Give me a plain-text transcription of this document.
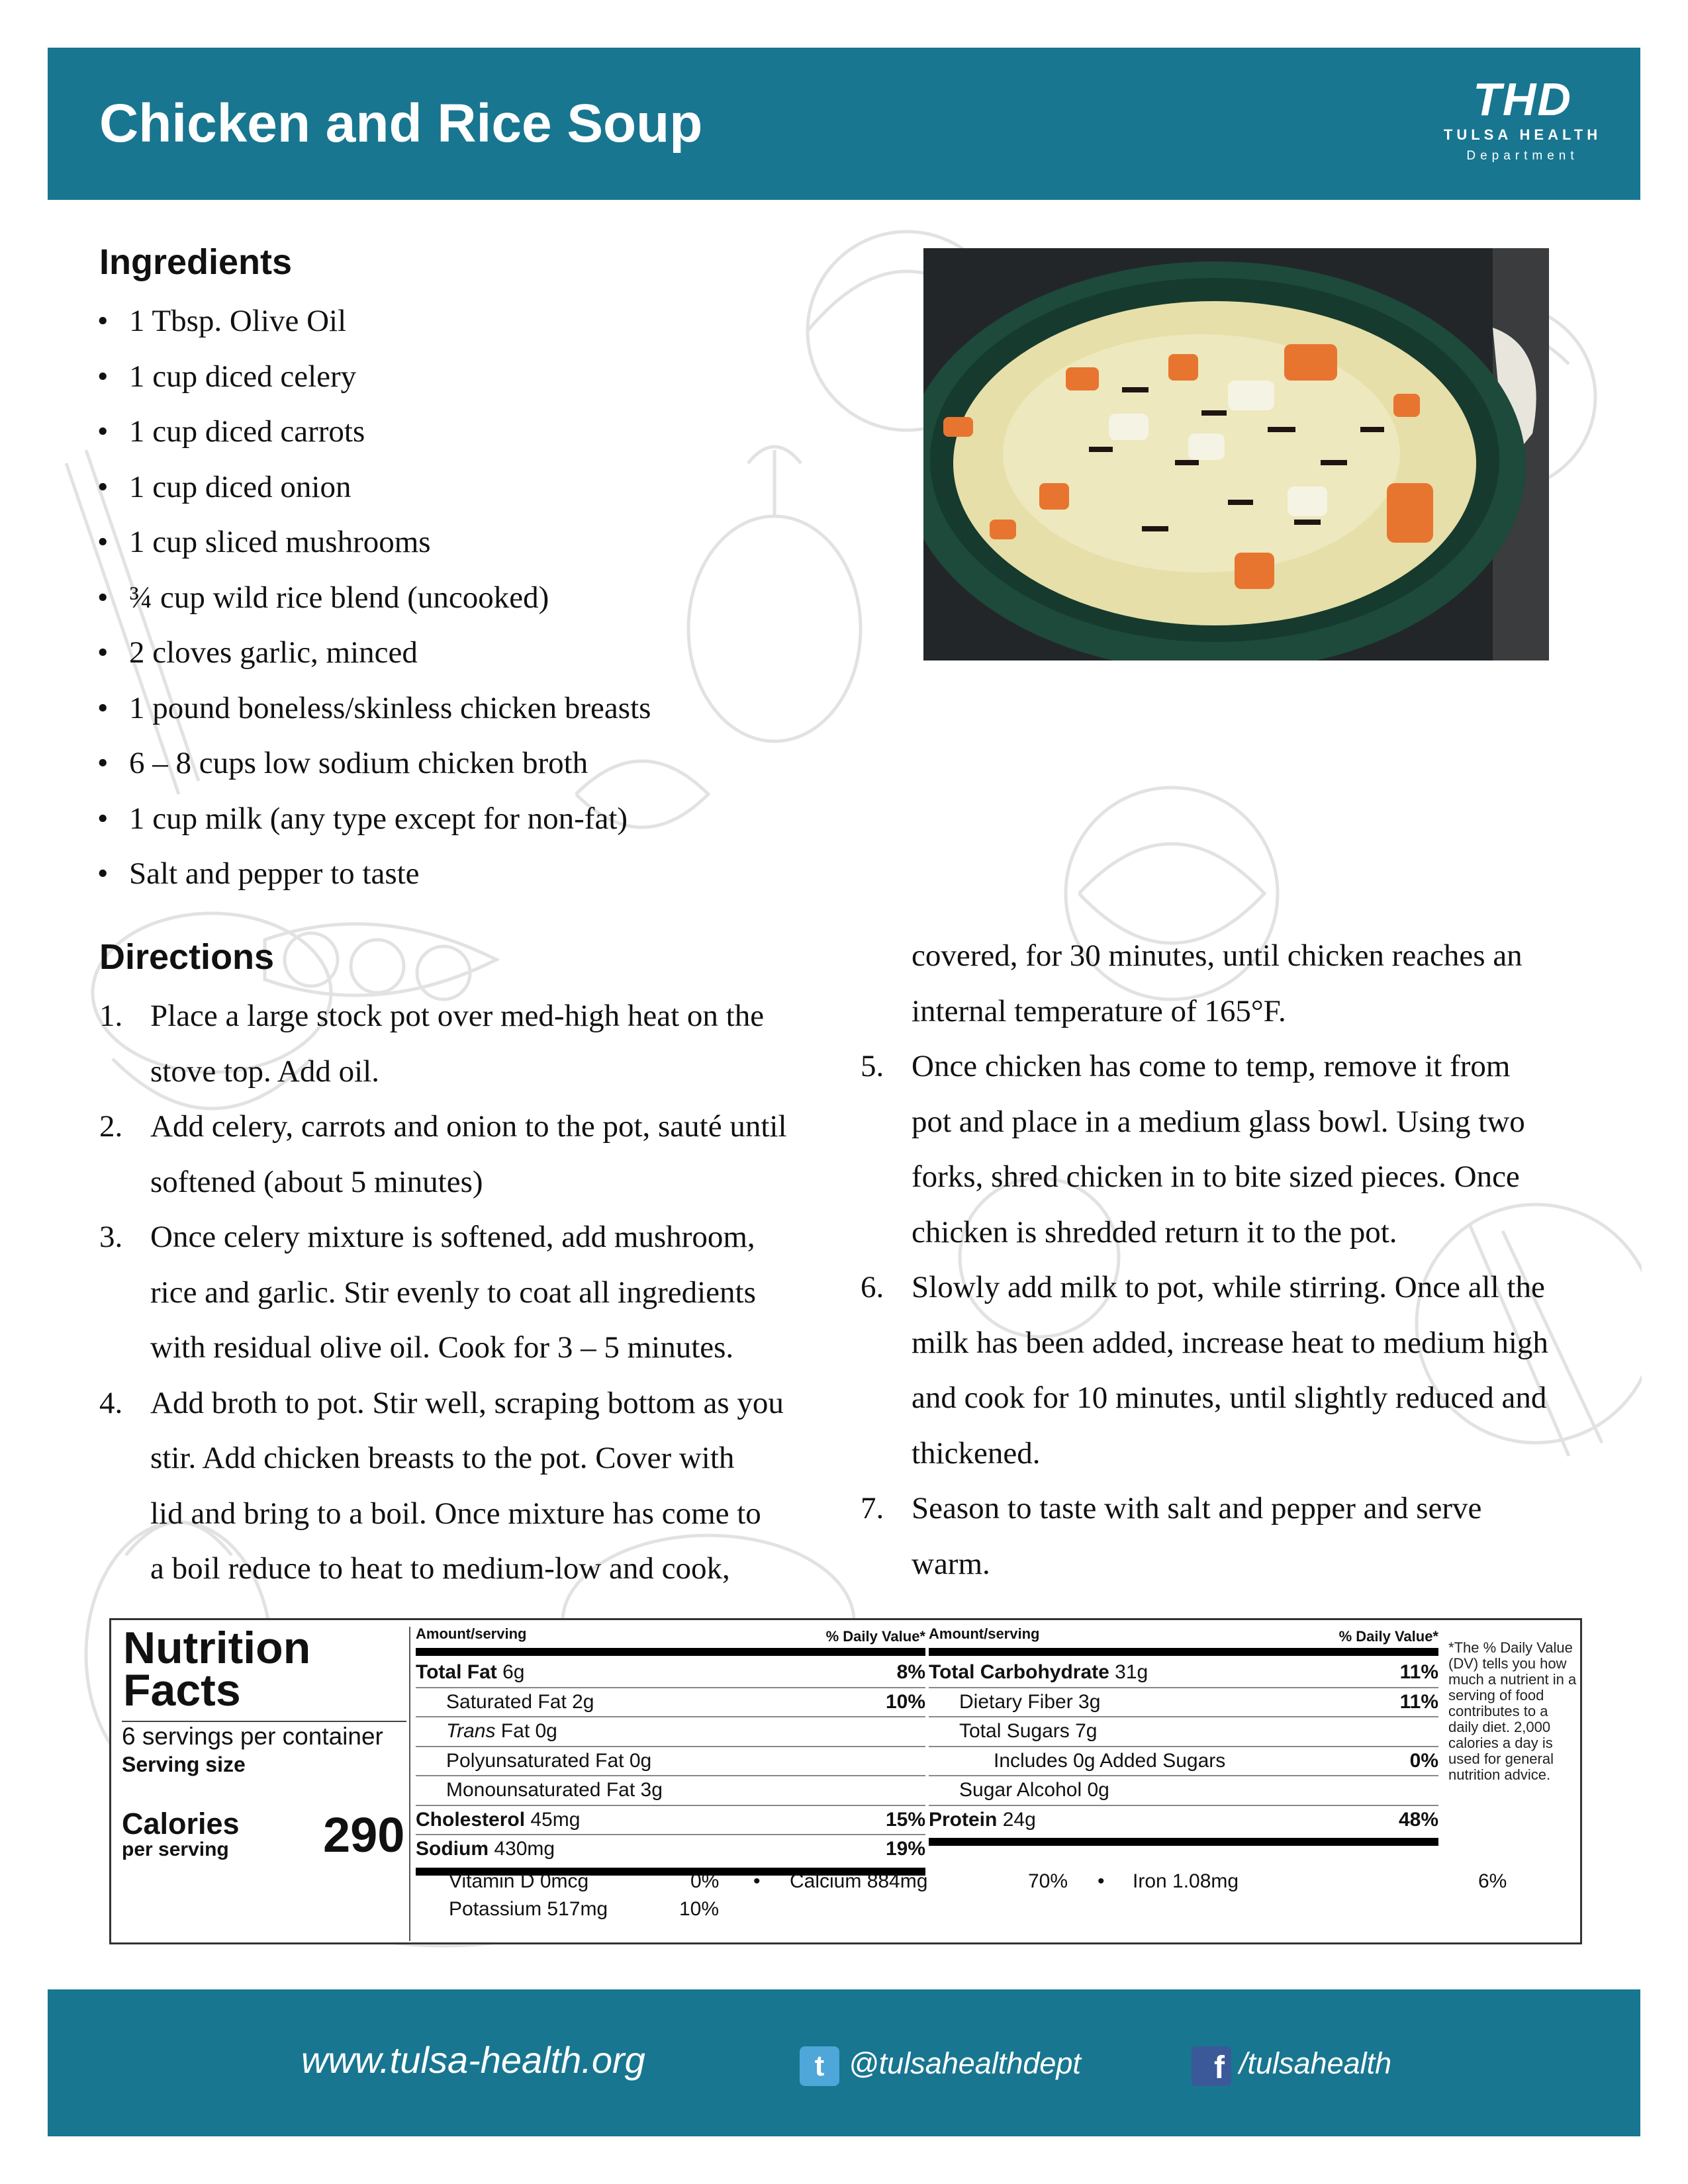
Chicken and Rice Soup	THD
TULSA HEALTH
Department
Ingredients
• 1 Tbsp. Olive Oil
• 1 cup diced celery
• 1 cup diced carrots
• 1 cup diced onion
• 1 cup sliced mushrooms
• ¾ cup wild rice blend (uncooked)
• 2 cloves garlic, minced
• 1 pound boneless/skinless chicken breasts
• 6 – 8 cups low sodium chicken broth
• 1 cup milk (any type except for non-fat)
• Salt and pepper to taste
Directions
1. Place a large stock pot over med-high heat on the
stove top. Add oil.
2. Add celery, carrots and onion to the pot, sauté until
softened (about 5 minutes)
3. Once celery mixture is softened, add mushroom,
rice and garlic. Stir evenly to coat all ingredients
with residual olive oil. Cook for 3 – 5 minutes.
4. Add broth to pot. Stir well, scraping bottom as you
stir. Add chicken breasts to the pot. Cover with
lid and bring to a boil. Once mixture has come to
a boil reduce to heat to medium-low and cook,
covered, for 30 minutes, until chicken reaches an
internal temperature of 165°F.
5. Once chicken has come to temp, remove it from
pot and place in a medium glass bowl. Using two
forks, shred chicken in to bite sized pieces. Once
chicken is shredded return it to the pot.
6. Slowly add milk to pot, while stirring. Once all the
milk has been added, increase heat to medium high
and cook for 10 minutes, until slightly reduced and
thickened.
7. Season to taste with salt and pepper and serve
warm.
Nutrition
Facts
6 servings per container
Serving size
Calories
per serving 290
Amount/serving	% Daily Value*
Total Fat 6g	8%
Saturated Fat 2g	10%
Trans Fat 0g
Polyunsaturated Fat 0g
Monounsaturated Fat 3g
Cholesterol 45mg	15%
Sodium 430mg	19%
Amount/serving	% Daily Value*
Total Carbohydrate 31g	11%
Dietary Fiber 3g	11%
Total Sugars 7g
Includes 0g Added Sugars	0%
Sugar Alcohol 0g
Protein 24g	48%
Vitamin D 0mcg	0% • Calcium 884mg	70% • Iron 1.08mg	6%
Potassium 517mg	10%
*The % Daily Value (DV) tells you how much a nutrient in a serving of food contributes to a daily diet. 2,000 calories a day is used for general nutrition advice.
www.tulsa-health.org	t @tulsahealthdept	f /tulsahealth
